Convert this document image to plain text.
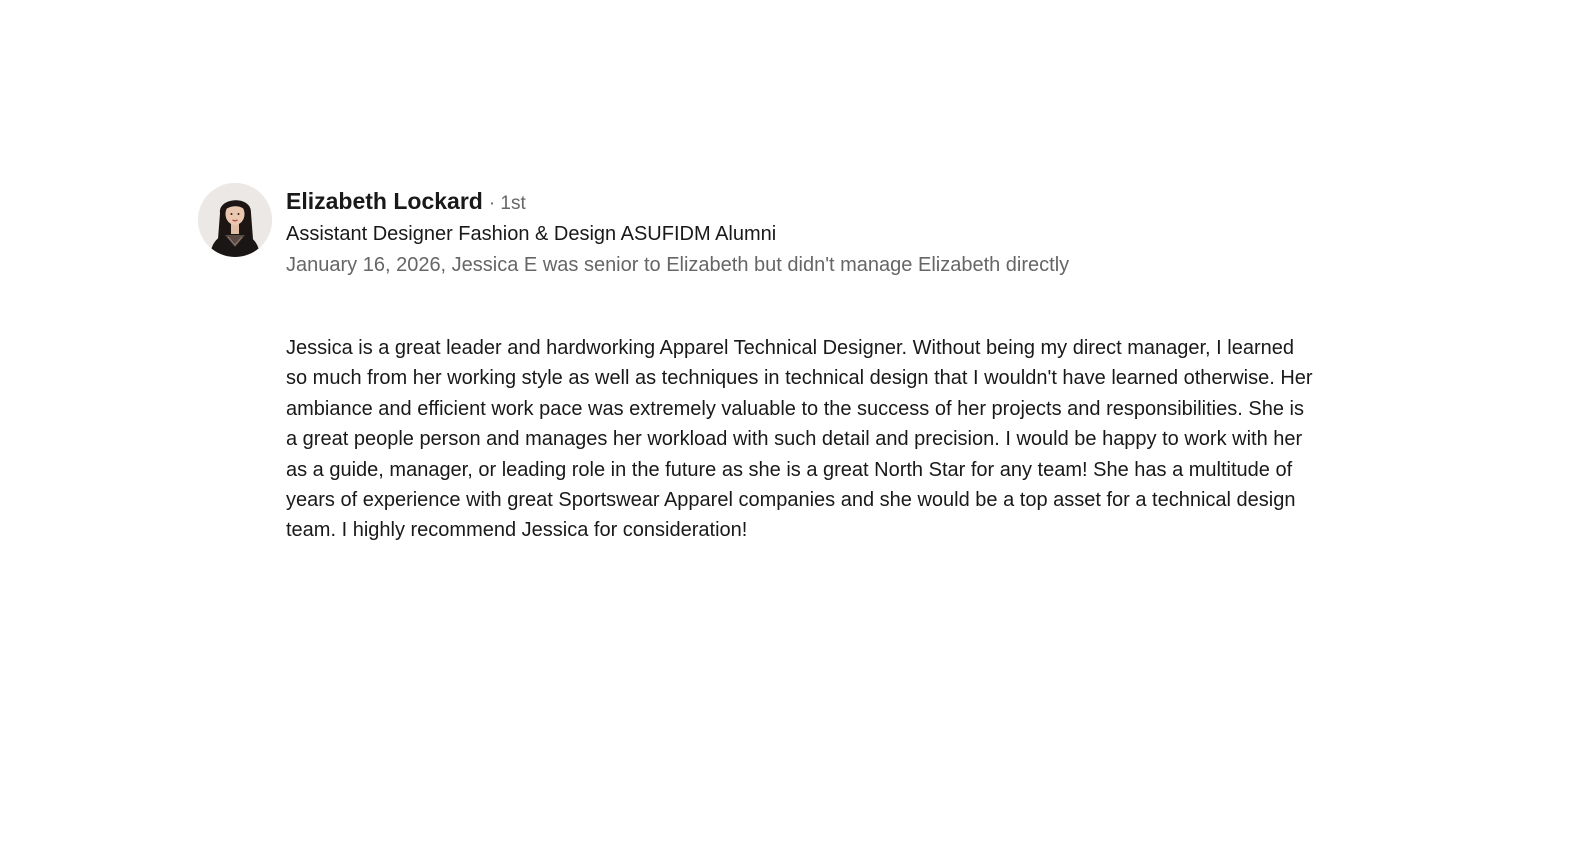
Elizabeth Lockard · 1st
Assistant Designer Fashion & Design ASUFIDM Alumni
January 16, 2026, Jessica E was senior to Elizabeth but didn't manage Elizabeth directly
Jessica is a great leader and hardworking Apparel Technical Designer. Without being my direct manager, I learned so much from her working style as well as techniques in technical design that I wouldn't have learned otherwise. Her ambiance and efficient work pace was extremely valuable to the success of her projects and responsibilities. She is a great people person and manages her workload with such detail and precision. I would be happy to work with her as a guide, manager, or leading role in the future as she is a great North Star for any team! She has a multitude of years of experience with great Sportswear Apparel companies and she would be a top asset for a technical design team. I highly recommend Jessica for consideration!
